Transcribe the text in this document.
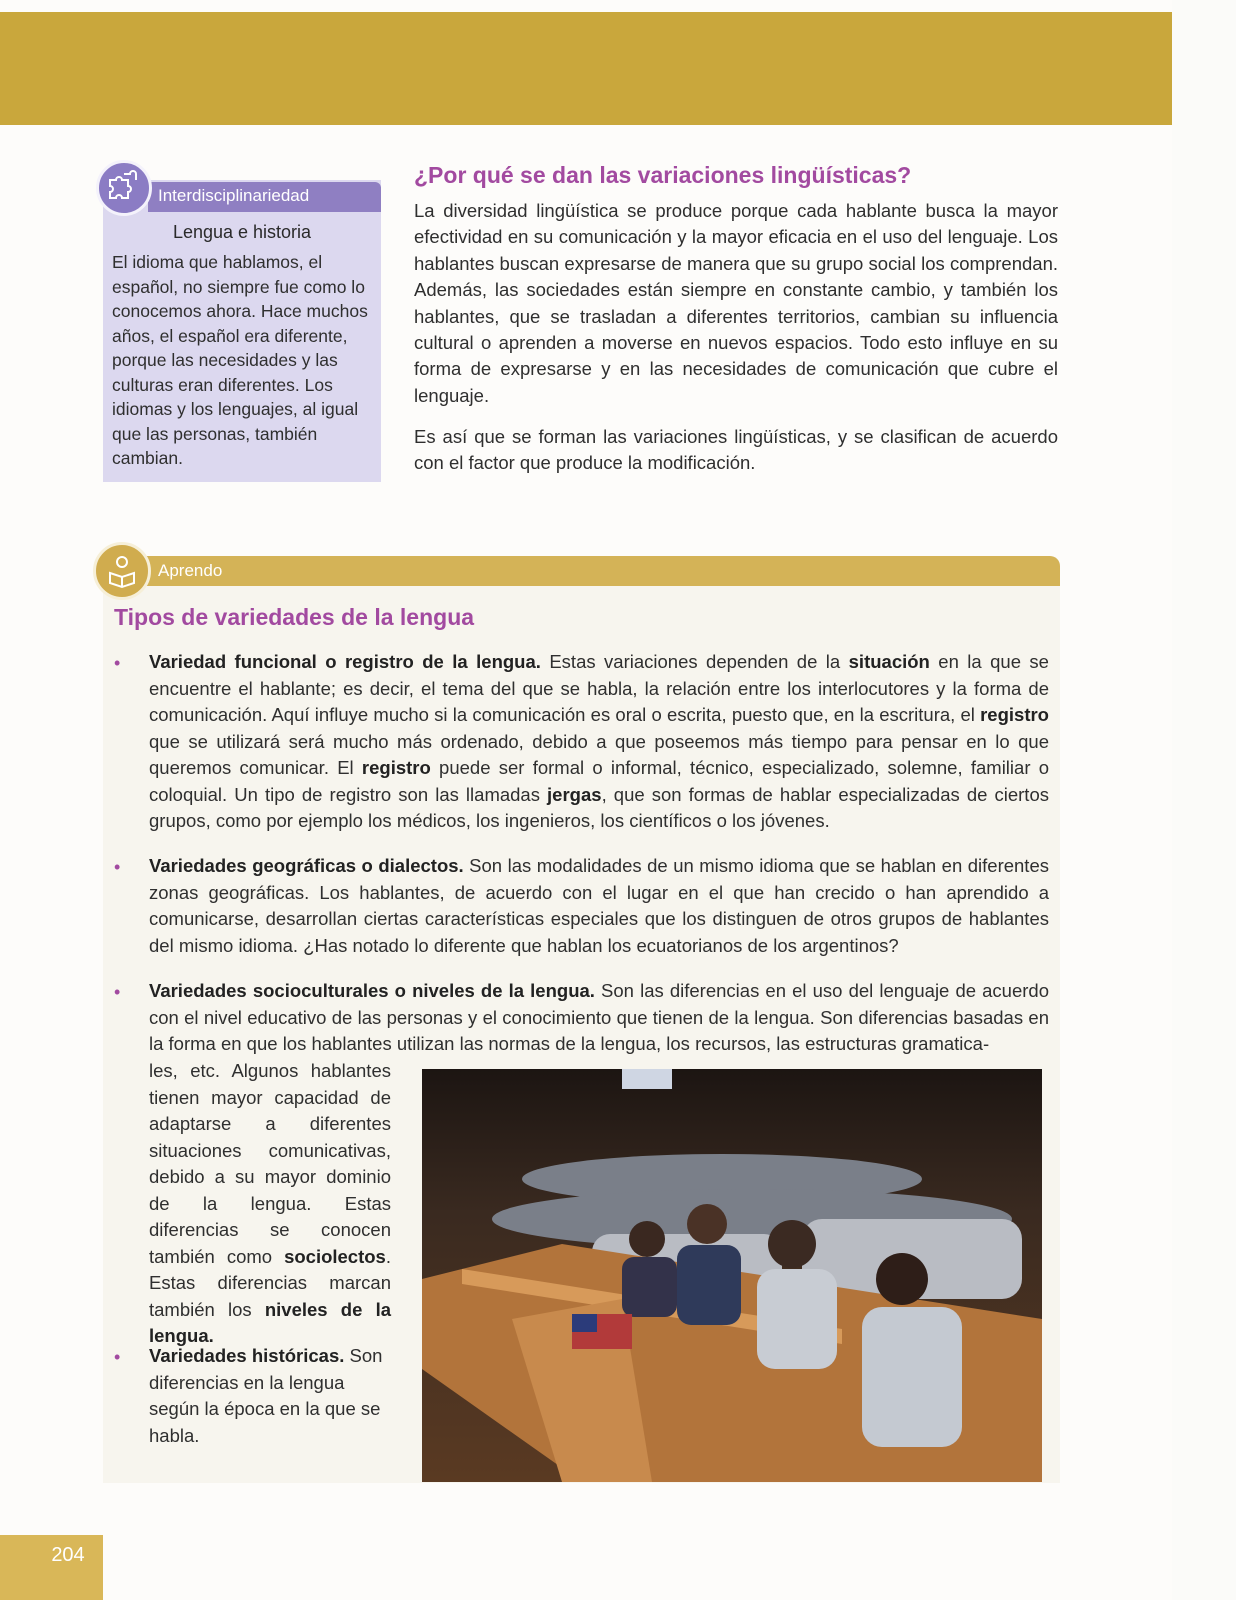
Interdisciplinariedad
Lengua e historia
El idioma que hablamos, el español, no siempre fue como lo conocemos ahora. Hace muchos años, el español era diferente, porque las necesidades y las culturas eran diferentes. Los idiomas y los lenguajes, al igual que las personas, también cambian.
¿Por qué se dan las variaciones lingüísticas?
La diversidad lingüística se produce porque cada hablante busca la mayor efectividad en su comunicación y la mayor eficacia en el uso del lenguaje. Los hablantes buscan expresarse de manera que su grupo social los comprendan. Además, las sociedades están siempre en constante cambio, y también los hablantes, que se trasladan a diferentes territorios, cambian su influencia cultural o aprenden a moverse en nuevos espacios. Todo esto influye en su forma de expresarse y en las necesidades de comunicación que cubre el lenguaje.
Es así que se forman las variaciones lingüísticas, y se clasifican de acuerdo con el factor que produce la modificación.
Aprendo
Tipos de variedades de la lengua
• Variedad funcional o registro de la lengua. Estas variaciones dependen de la situación en la que se encuentre el hablante; es decir, el tema del que se habla, la relación entre los interlocutores y la forma de comunicación. Aquí influye mucho si la comunicación es oral o escrita, puesto que, en la escritura, el registro que se utilizará será mucho más ordenado, debido a que poseemos más tiempo para pensar en lo que queremos comunicar. El registro puede ser formal o informal, técnico, especializado, solemne, familiar o coloquial. Un tipo de registro son las llamadas jergas, que son formas de hablar especializadas de ciertos grupos, como por ejemplo los médicos, los ingenieros, los científicos o los jóvenes.
• Variedades geográficas o dialectos. Son las modalidades de un mismo idioma que se hablan en diferentes zonas geográficas. Los hablantes, de acuerdo con el lugar en el que han crecido o han aprendido a comunicarse, desarrollan ciertas características especiales que los distinguen de otros grupos de hablantes del mismo idioma. ¿Has notado lo diferente que hablan los ecuatorianos de los argentinos?
• Variedades socioculturales o niveles de la lengua. Son las diferencias en el uso del lenguaje de acuerdo con el nivel educativo de las personas y el conocimiento que tienen de la lengua. Son diferencias basadas en la forma en que los hablantes utilizan las normas de la lengua, los recursos, las estructuras gramatica-
les, etc. Algunos hablantes tienen mayor capacidad de adaptarse a diferentes situaciones comunicativas, debido a su mayor dominio de la lengua. Estas diferencias se conocen también como sociolectos. Estas diferencias marcan también los niveles de la lengua.
• Variedades históricas. Son diferencias en la lengua según la época en la que se habla.
204
